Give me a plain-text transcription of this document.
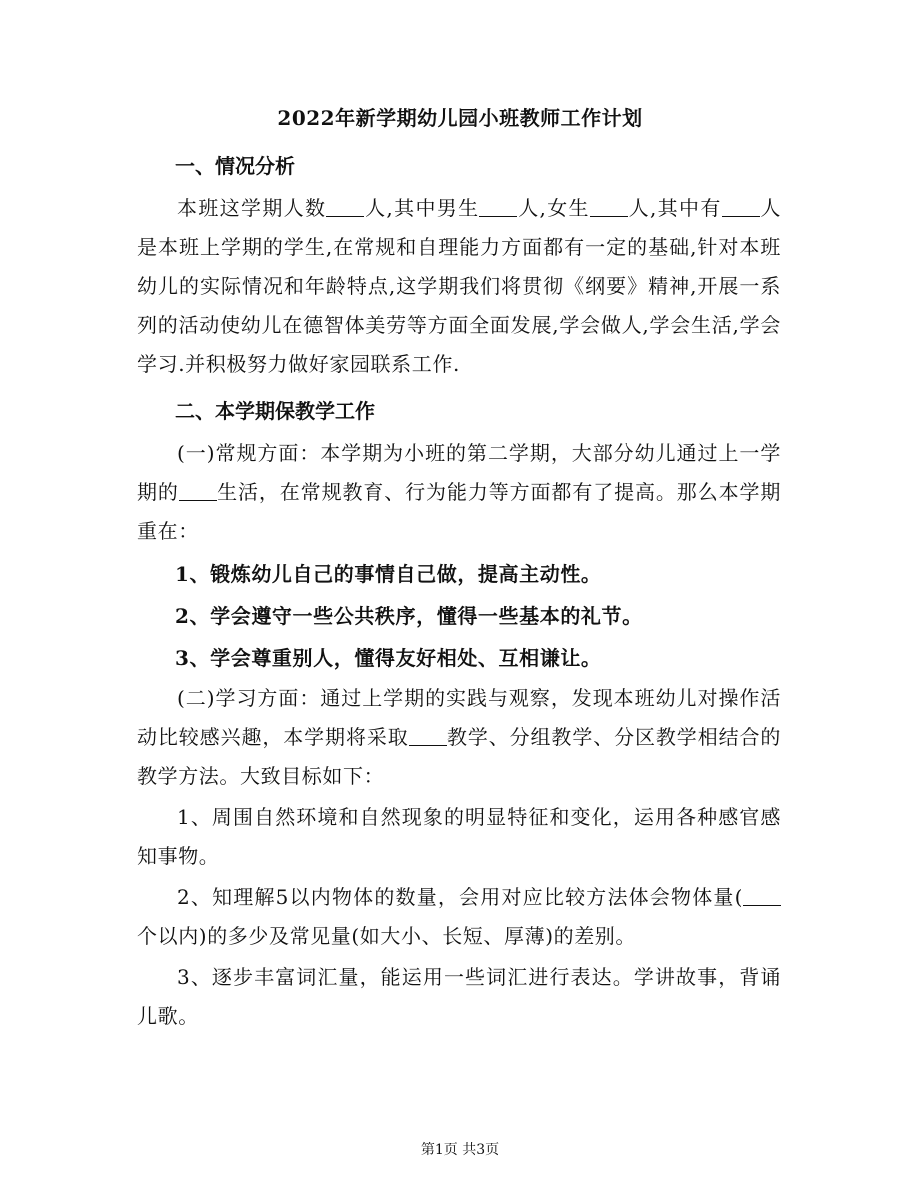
2022年新学期幼儿园小班教师工作计划

一、情况分析

本班这学期人数 人,其中男生 人,女生 人,其中有 人是本班上学期的学生,在常规和自理能力方面都有一定的基础,针对本班幼儿的实际情况和年龄特点,这学期我们将贯彻《纲要》精神,开展一系列的活动使幼儿在德智体美劳等方面全面发展,学会做人,学会生活,学会学习.并积极努力做好家园联系工作.

二、本学期保教学工作

(一)常规方面：本学期为小班的第二学期，大部分幼儿通过上一学期的 生活，在常规教育、行为能力等方面都有了提高。那么本学期重在：

1、锻炼幼儿自己的事情自己做，提高主动性。

2、学会遵守一些公共秩序，懂得一些基本的礼节。

3、学会尊重别人，懂得友好相处、互相谦让。

(二)学习方面：通过上学期的实践与观察，发现本班幼儿对操作活动比较感兴趣，本学期将采取 教学、分组教学、分区教学相结合的教学方法。大致目标如下：

1、周围自然环境和自然现象的明显特征和变化，运用各种感官感知事物。

2、知理解5以内物体的数量，会用对应比较方法体会物体量(个以内)的多少及常见量(如大小、长短、厚薄)的差别。

3、逐步丰富词汇量，能运用一些词汇进行表达。学讲故事，背诵儿歌。

第1页 共3页
